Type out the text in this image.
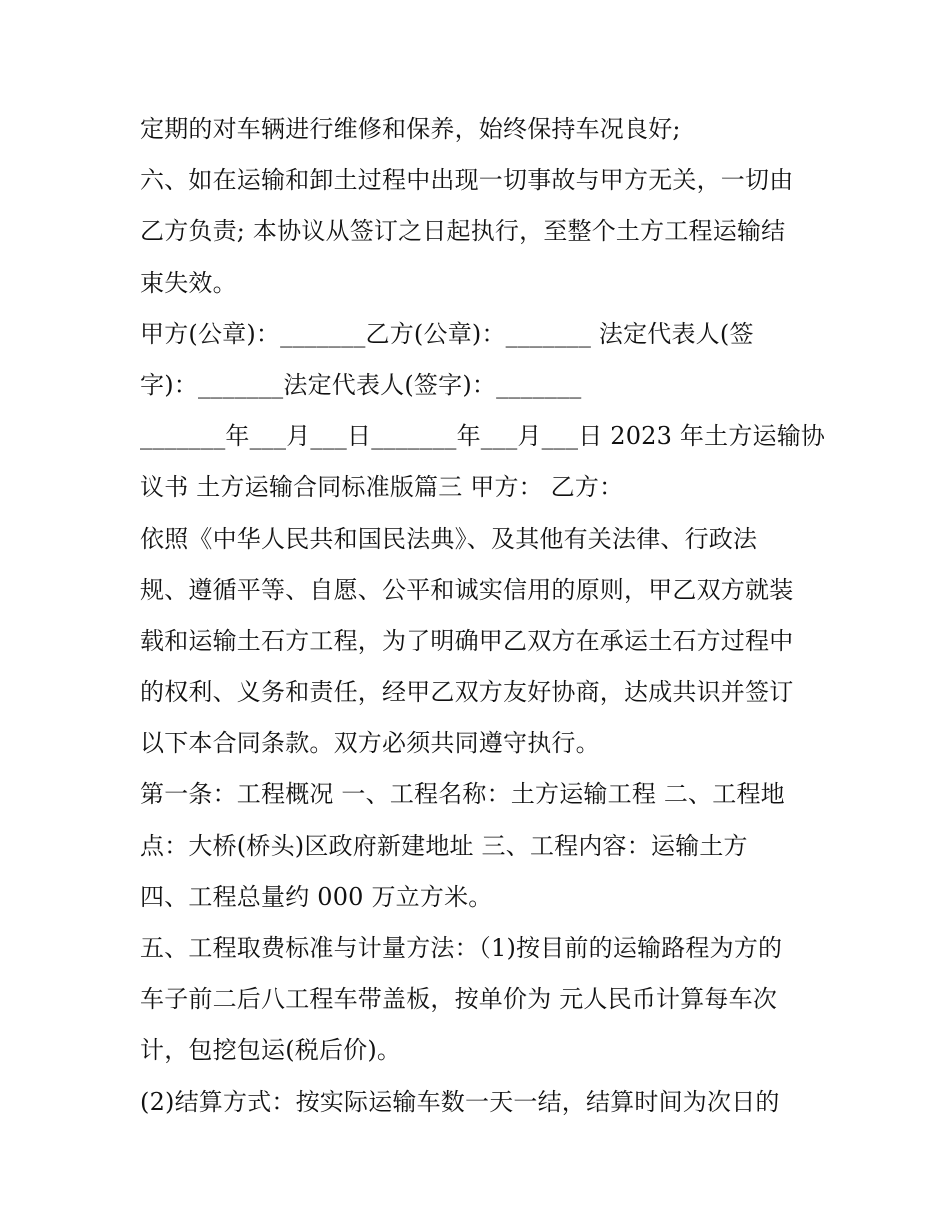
定期的对车辆进行维修和保养，始终保持车况良好;
六、如在运输和卸土过程中出现一切事故与甲方无关，一切由
乙方负责; 本协议从签订之日起执行，至整个土方工程运输结
束失效。
甲方(公章)：_______乙方(公章)：_______ 法定代表人(签
字)：_______法定代表人(签字)：_______
_______年___月___日_______年___月___日 2023 年土方运输协
议书 土方运输合同标准版篇三 甲方： 乙方：
依照《中华人民共和国民法典》、及其他有关法律、行政法
规、遵循平等、自愿、公平和诚实信用的原则，甲乙双方就装
载和运输土石方工程，为了明确甲乙双方在承运土石方过程中
的权利、义务和责任，经甲乙双方友好协商，达成共识并签订
以下本合同条款。双方必须共同遵守执行。
第一条：工程概况 一、工程名称：土方运输工程 二、工程地
点：大桥(桥头)区政府新建地址 三、工程内容：运输土方
四、工程总量约 000 万立方米。
五、工程取费标准与计量方法：（1)按目前的运输路程为方的
车子前二后八工程车带盖板，按单价为 元人民币计算每车次
计，包挖包运(税后价)。
(2)结算方式：按实际运输车数一天一结，结算时间为次日的
